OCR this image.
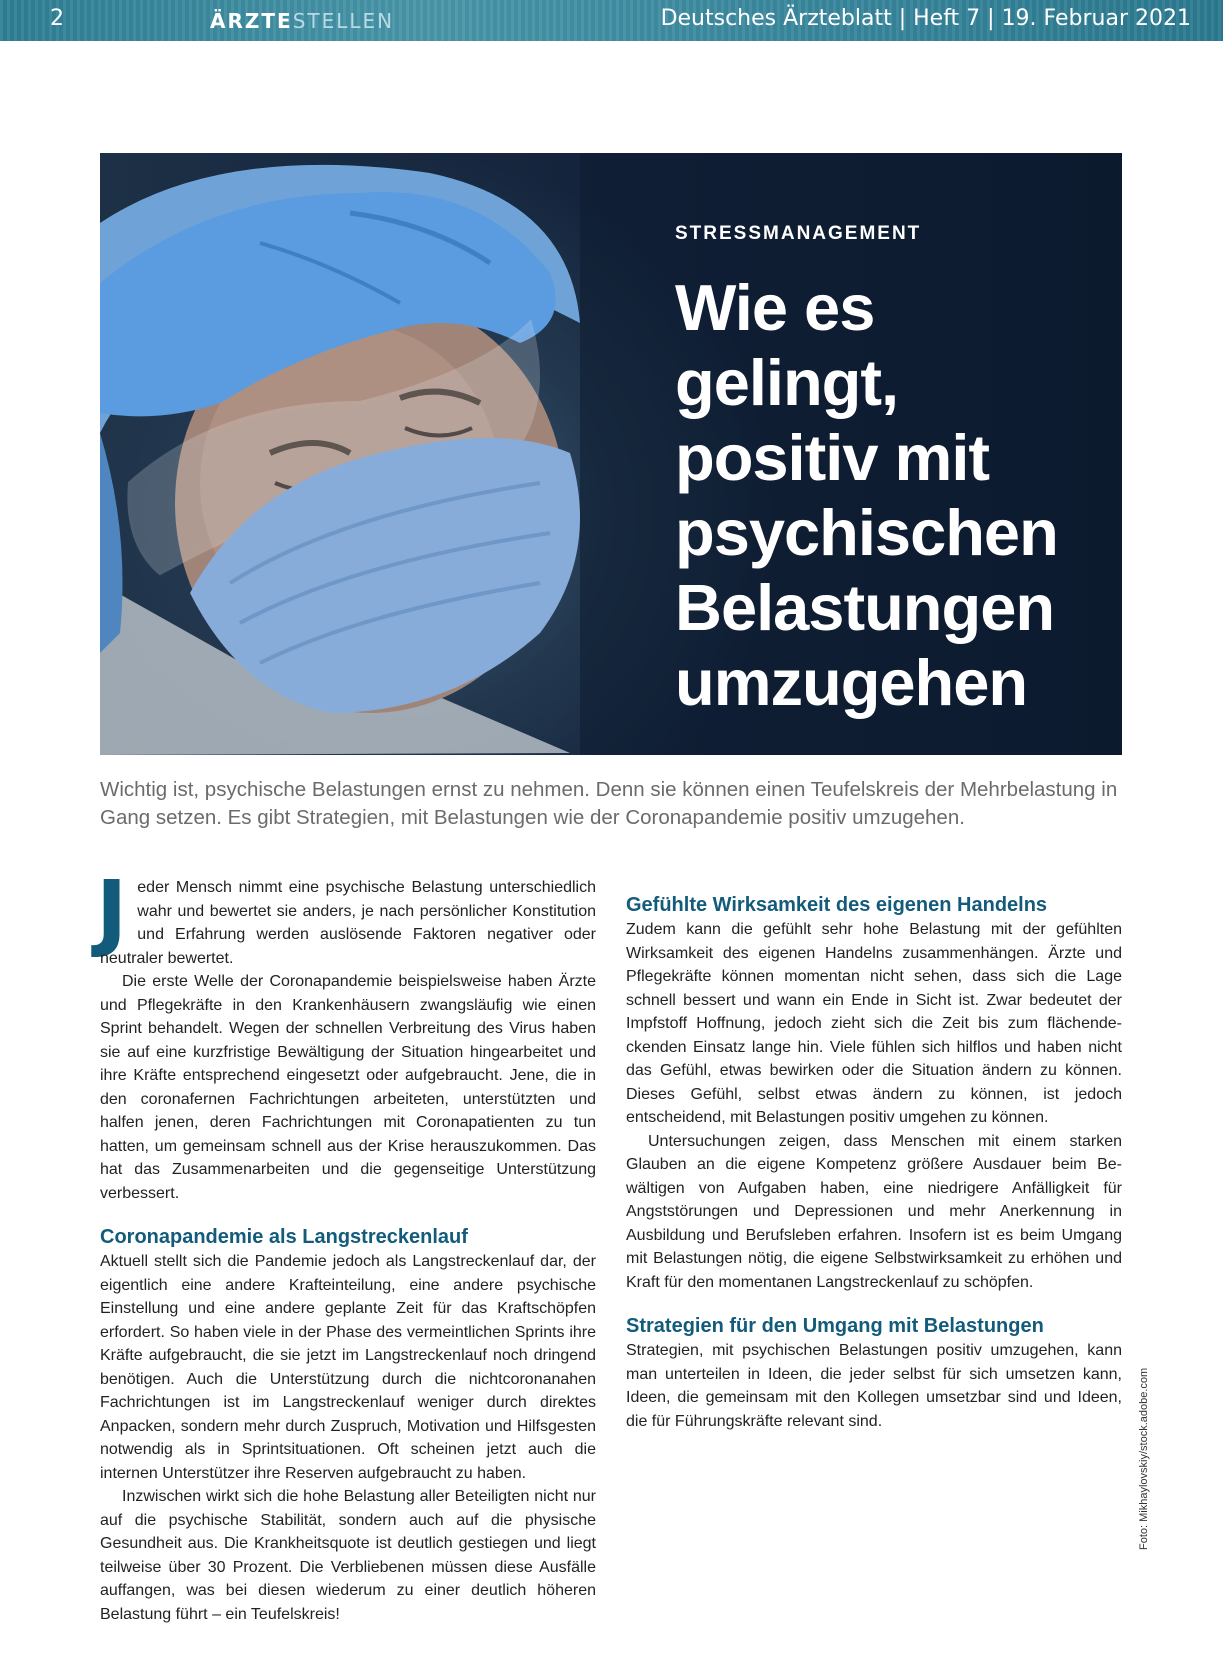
2	ÄRZTESTELLEN	Deutsches Ärzteblatt | Heft 7 | 19. Februar 2021
STRESSMANAGEMENT
Wie es gelingt, positiv mit psychischen Belastungen umzugehen
Wichtig ist, psychische Belastungen ernst zu nehmen. Denn sie können einen Teufelskreis der Mehrbelastung in Gang setzen. Es gibt Strategien, mit Belastungen wie der Coronapandemie positiv umzugehen.

Jeder Mensch nimmt eine psychische Belastung unterschiedlich wahr und bewertet sie anders, je nach persönlicher Konstitution und Erfahrung werden auslösende Faktoren negativer oder neutraler bewertet.

Die erste Welle der Coronapandemie beispielsweise haben Ärzte und Pflegekräfte in den Krankenhäusern zwangsläufig wie einen Sprint behandelt. Wegen der schnellen Verbreitung des Virus haben sie auf eine kurzfristige Bewältigung der Situation hingearbeitet und ihre Kräfte entsprechend eingesetzt oder aufgebraucht. Jene, die in den coronafernen Fachrichtungen arbeiteten, unterstützten und halfen jenen, deren Fachrichtungen mit Coronapatienten zu tun hatten, um gemeinsam schnell aus der Krise herauszukommen. Das hat das Zusammenarbeiten und die gegenseitige Unterstützung verbessert.

Coronapandemie als Langstreckenlauf

Aktuell stellt sich die Pandemie jedoch als Langstreckenlauf dar, der eigentlich eine andere Krafteinteilung, eine andere psychische Einstellung und eine andere geplante Zeit für das Kraftschöpfen erfordert. So haben viele in der Phase des vermeintlichen Sprints ihre Kräfte aufgebraucht, die sie jetzt im Langstreckenlauf noch dringend benötigen. Auch die Unterstützung durch die nichtcoronanahen Fachrichtungen ist im Langstreckenlauf weniger durch direktes Anpacken, sondern mehr durch Zuspruch, Motivation und Hilfsgesten notwendig als in Sprintsituationen. Oft scheinen jetzt auch die internen Unterstützer ihre Reserven aufgebraucht zu haben.

Inzwischen wirkt sich die hohe Belastung aller Beteiligten nicht nur auf die psychische Stabilität, sondern auch auf die physische Gesundheit aus. Die Krankheitsquote ist deutlich gestiegen und liegt teilweise über 30 Prozent. Die Verbliebenen müssen diese Ausfälle auffangen, was bei diesen wiederum zu einer deutlich höheren Belastung führt – ein Teufelskreis!

Gefühlte Wirksamkeit des eigenen Handelns

Zudem kann die gefühlt sehr hohe Belastung mit der gefühlten Wirksamkeit des eigenen Handelns zusammenhängen. Ärzte und Pflegekräfte können momentan nicht sehen, dass sich die Lage schnell bessert und wann ein Ende in Sicht ist. Zwar bedeutet der Impfstoff Hoffnung, jedoch zieht sich die Zeit bis zum flächendeckenden Einsatz lange hin. Viele fühlen sich hilflos und haben nicht das Gefühl, etwas bewirken oder die Situation ändern zu können. Dieses Gefühl, selbst etwas ändern zu können, ist jedoch entscheidend, mit Belastungen positiv umgehen zu können.

Untersuchungen zeigen, dass Menschen mit einem starken Glauben an die eigene Kompetenz größere Ausdauer beim Bewältigen von Aufgaben haben, eine niedrigere Anfälligkeit für Angststörungen und Depressionen und mehr Anerkennung in Ausbildung und Berufsleben erfahren. Insofern ist es beim Umgang mit Belastungen nötig, die eigene Selbstwirksamkeit zu erhöhen und Kraft für den momentanen Langstreckenlauf zu schöpfen.

Strategien für den Umgang mit Belastungen

Strategien, mit psychischen Belastungen positiv umzugehen, kann man unterteilen in Ideen, die jeder selbst für sich umsetzen kann, Ideen, die gemeinsam mit den Kollegen umsetzbar sind und Ideen, die für Führungskräfte relevant sind.	Foto: Mikhaylovskiy/stock.adobe.com
